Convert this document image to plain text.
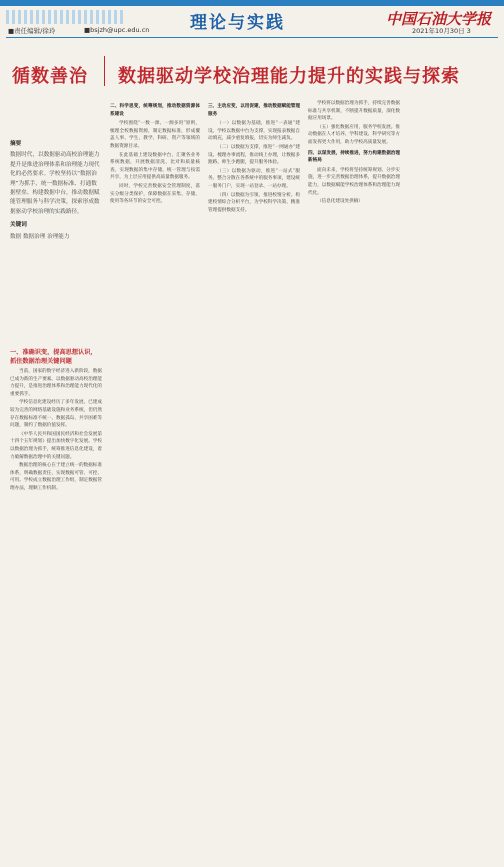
理论与实践	中国石油大学报
■责任编辑/徐玲	■bsjzh@upc.edu.cn	2021年10月30日 3
循数善治 数据驱动学校治理能力提升的实践与探索
摘要
数据时代，以数据驱动高校治理能力提升是推进治理体系和治理能力现代化的必然要求。学校坚持以“数据治理”为抓手，统一数据标准、打通数据壁垒、构建数据中台，推动数据赋能管理服务与科学决策，探索形成数据驱动学校治理的实践路径。
关键词
数据 数据治理 治理能力
一、准确识变，提高思想认识，抓住数据治理关键问题

当前，国家的数字经济进入新阶段，数据已成为新的生产要素。以数据驱动高校治理能力提升，是推进治理体系和治理能力现代化的重要抓手。

学校信息化建设经历了多年发展，已建成较为完善的网络基础设施和业务系统，但仍然存在数据标准不统一、数据孤岛、共享困难等问题，制约了数据价值发挥。

《中华人民共和国国民经济和社会发展第十四个五年规划》提出加快数字化发展。学校以数据治理为抓手，统筹推进信息化建设，着力破解数据治理中的关键问题。

数据治理的核心在于建立统一的数据标准体系，明确数据责任，实现数据可管、可控、可用。学校成立数据治理工作组，制定数据管理办法，理顺工作机制。

二、科学思变，统筹规划，推动数据资源体系建设

学校围绕“一数一源、一源多用”原则，梳理全校数据资源，制定数据标准，形成覆盖人事、学生、教学、科研、资产等领域的数据资源目录。

在此基础上建设数据中台，汇聚各业务系统数据，开展数据清洗、比对和质量核查，实现数据的集中存储、统一管理与按需共享，为上层应用提供高质量数据服务。

同时，学校完善数据安全管理制度，落实分级分类保护，保障数据在采集、存储、使用等各环节的安全可控。

三、主动应变，以用促建，推动数据赋能管理服务

（一）以数据为基础，推进“一表通”建设。学校以数据中台为支撑，实现报表数据自动填充，减少重复填报，切实为师生减负。

（二）以数据为支撑，推进“一网通办”建设。梳理办事流程，推动线上办理，让数据多跑路、师生少跑腿，提升服务体验。

（三）以数据为驱动，推进“一站式”服务。整合分散在各系统中的服务事项，建设统一服务门户，实现一站登录、一站办理。

（四）以数据为引领，推进校情分析。构建校情综合分析平台，为学校科学决策、精准管理提供数据支持。

学校将以数据治理为抓手，持续完善数据标准与共享机制，不断提升数据质量，深化数据应用场景。

（五）强化数据应用，服务学校发展。推动数据在人才培养、学科建设、科学研究等方面发挥更大作用，助力学校高质量发展。

四、以谋发展，持续推进，努力构建数据治理新格局

面向未来，学校将坚持统筹规划、分步实施，进一步完善数据治理体系，提升数据治理能力，以数据赋能学校治理体系和治理能力现代化。

（信息化建设处供稿）
